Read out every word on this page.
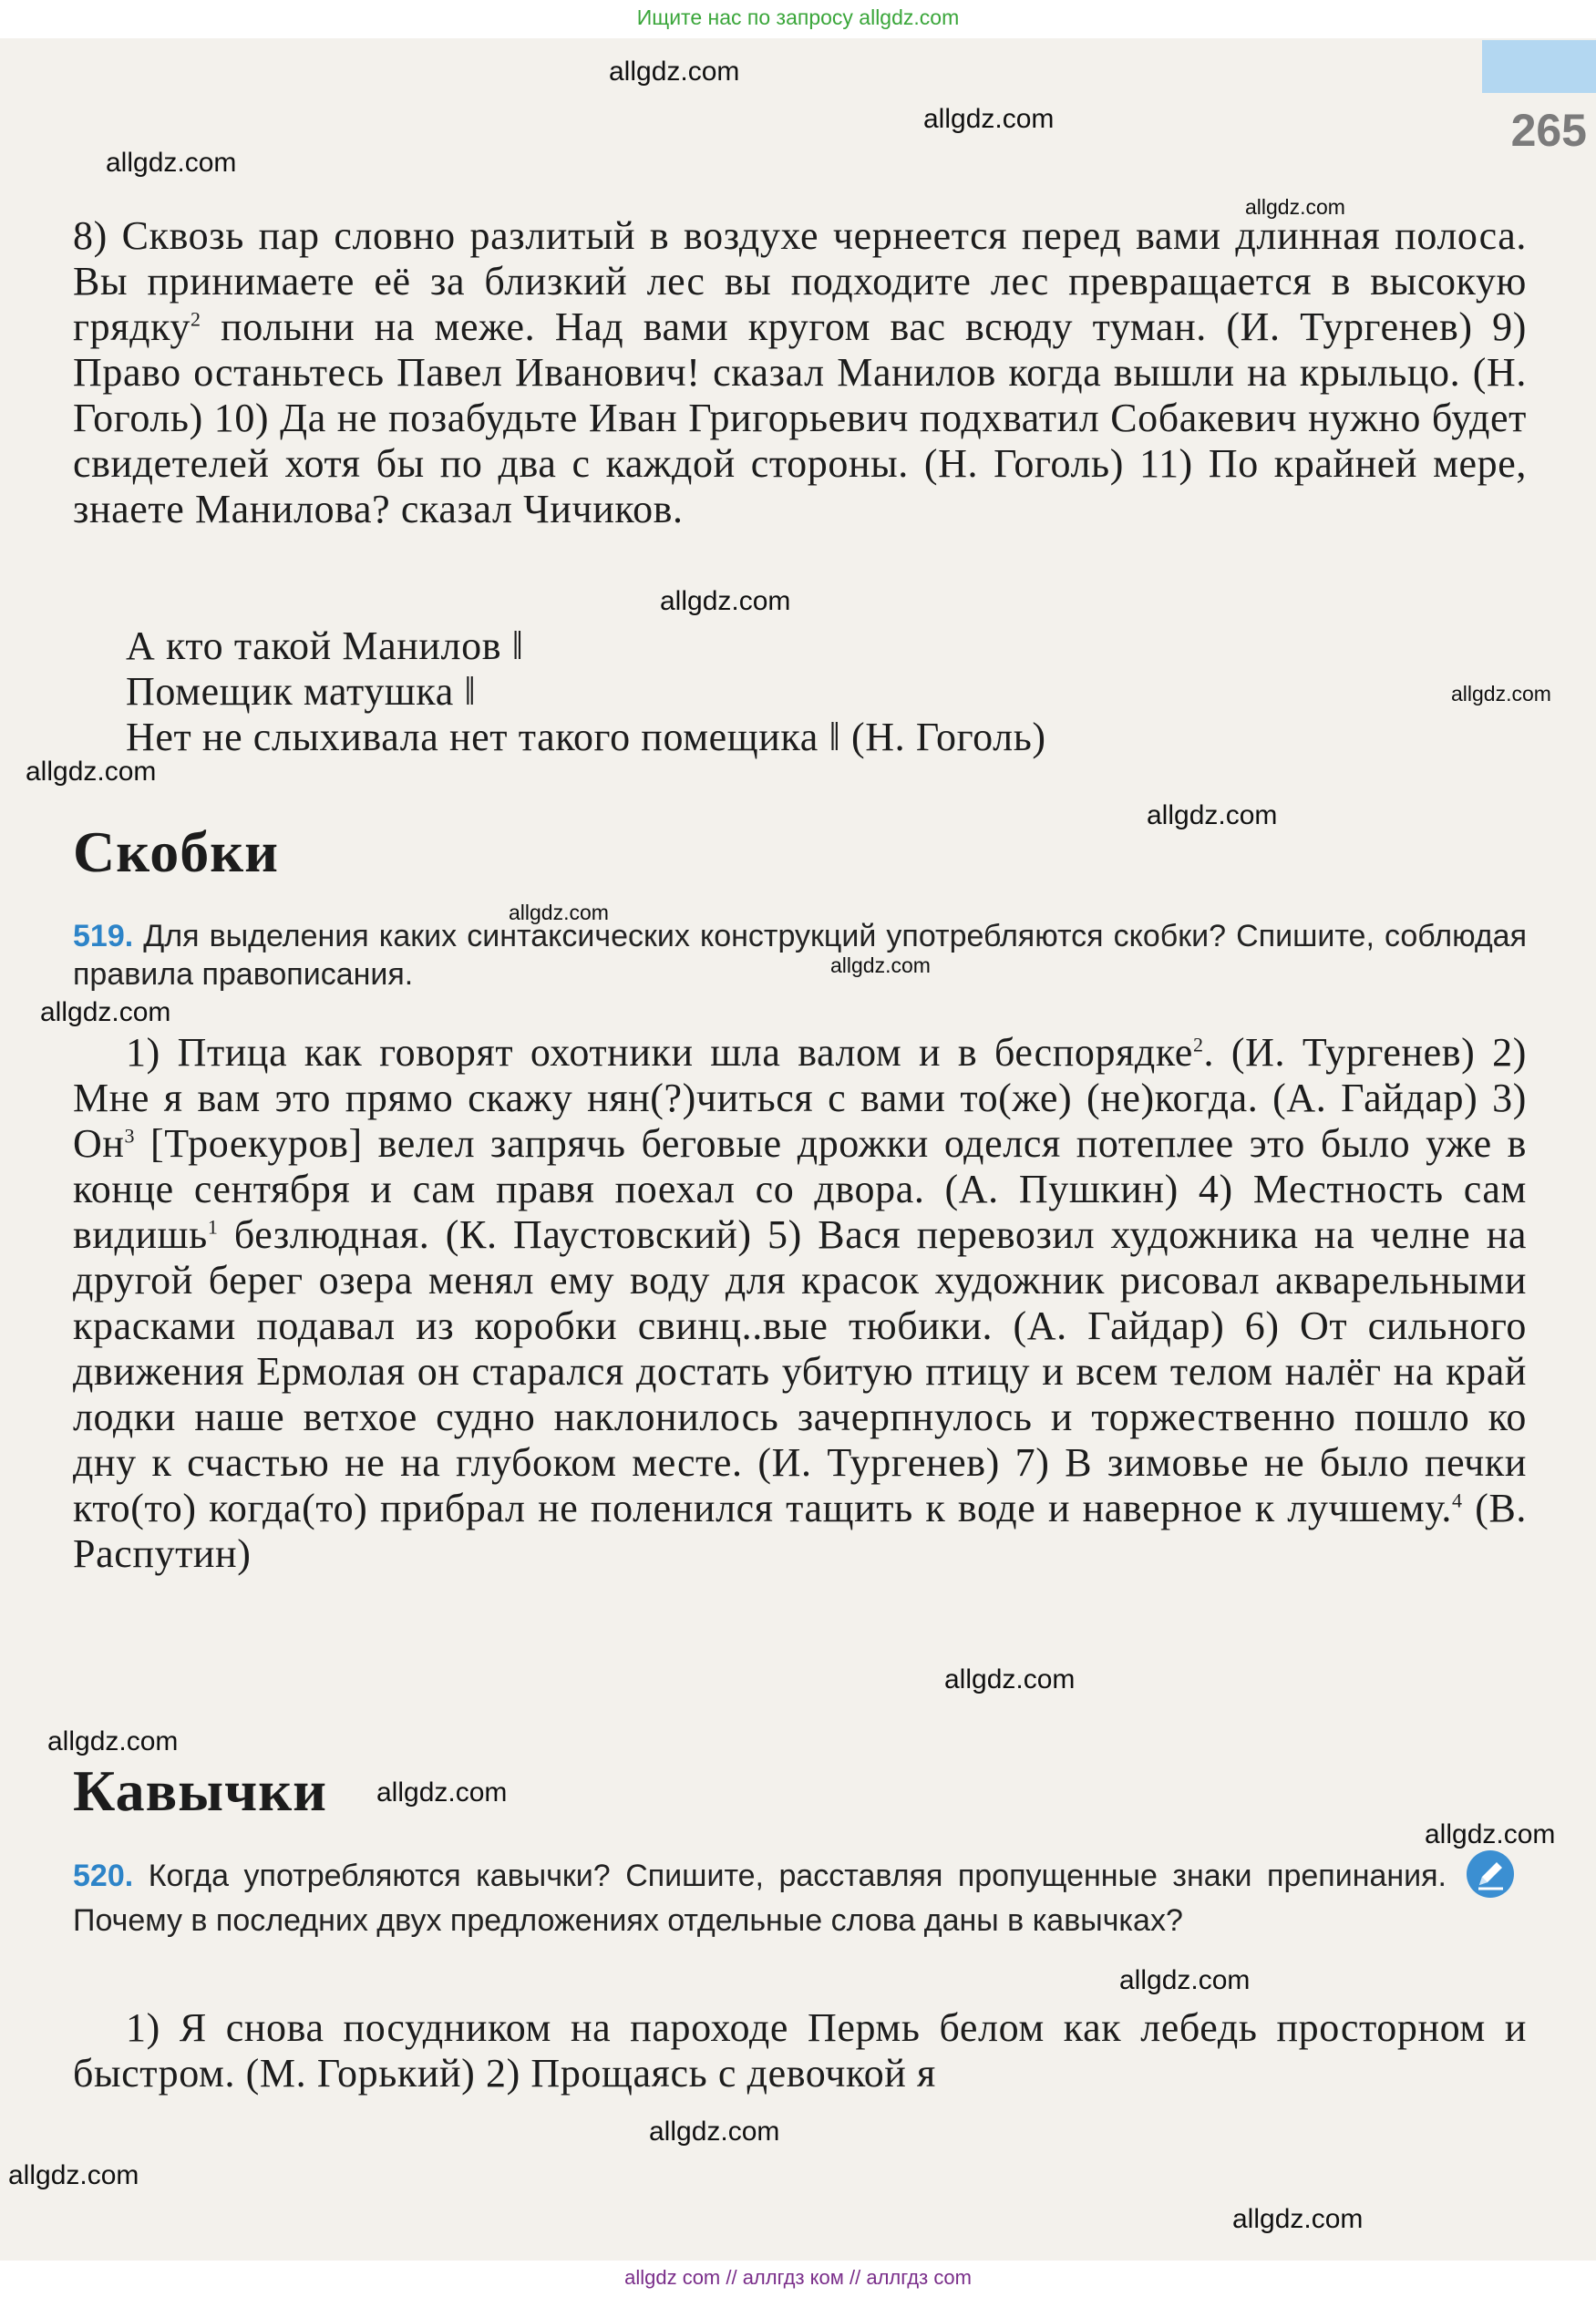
Ищите нас по запросу allgdz.com
265
allgdz.com
allgdz.com
allgdz.com
allgdz.com
allgdz.com
allgdz.com
allgdz.com
allgdz.com
allgdz.com
allgdz.com
allgdz.com
allgdz.com
allgdz.com
allgdz.com
allgdz.com
allgdz.com
allgdz.com
allgdz.com
allgdz.com
8) Сквозь пар словно разлитый в воздухе чернеется перед вами длинная полоса. Вы принимаете её за близкий лес вы подходите лес превращается в высокую грядку$^2$ полыни на меже. Над вами кругом вас всюду туман. (И. Тургенев) 9) Право останьтесь Павел Иванович! сказал Манилов когда вышли на крыльцо. (Н. Гоголь) 10) Да не позабудьте Иван Григорьевич подхватил Собакевич нужно будет свидетелей хотя бы по два с каждой стороны. (Н. Гоголь) 11) По крайней мере, знаете Манилова? сказал Чичиков.
А кто такой Манилов ‖
Помещик матушка ‖
Нет не слыхивала нет такого помещика ‖ (Н. Гоголь)
Скобки
519. Для выделения каких синтаксических конструкций употребляются скобки? Спишите, соблюдая правила правописания.
1) Птица как говорят охотники шла валом и в беспорядке$^2$. (И. Тургенев) 2) Мне я вам это прямо скажу нян(?)читься с вами то(же) (не)когда. (А. Гайдар) 3) $Он^3$ [Троекуров] велел запрячь беговые дрожки оделся потеплее это было уже в конце сентября и сам правя поехал со двора. (А. Пушкин) 4) Местность сам видишь$^1$ безлюдная. (К. Паустовский) 5) Вася перевозил художника на челне на другой берег озера менял ему воду для красок художник рисовал акварельными красками подавал из коробки свинц..вые тюбики. (А. Гайдар) 6) От сильного движения Ермолая он старался достать убитую птицу и всем телом налёг на край лодки наше ветхое судно наклонилось зачерпнулось и торжественно пошло ко дну к счастью не на глубоком месте. (И. Тургенев) 7) В зимовье не было печки кто(то) когда(то) прибрал не поленился тащить к воде и наверное к лучшему.$^4$ (В. Распутин)
Кавычки
520. Когда употребляются кавычки? Спишите, расставляя пропущенные знаки препинания.
Почему в последних двух предложениях отдельные слова даны в кавычках?
1) Я снова посудником на пароходе Пермь белом как лебедь просторном и быстром. (М. Горький) 2) Прощаясь с девочкой я
allgdz com // аллгдз ком // аллгдз com
